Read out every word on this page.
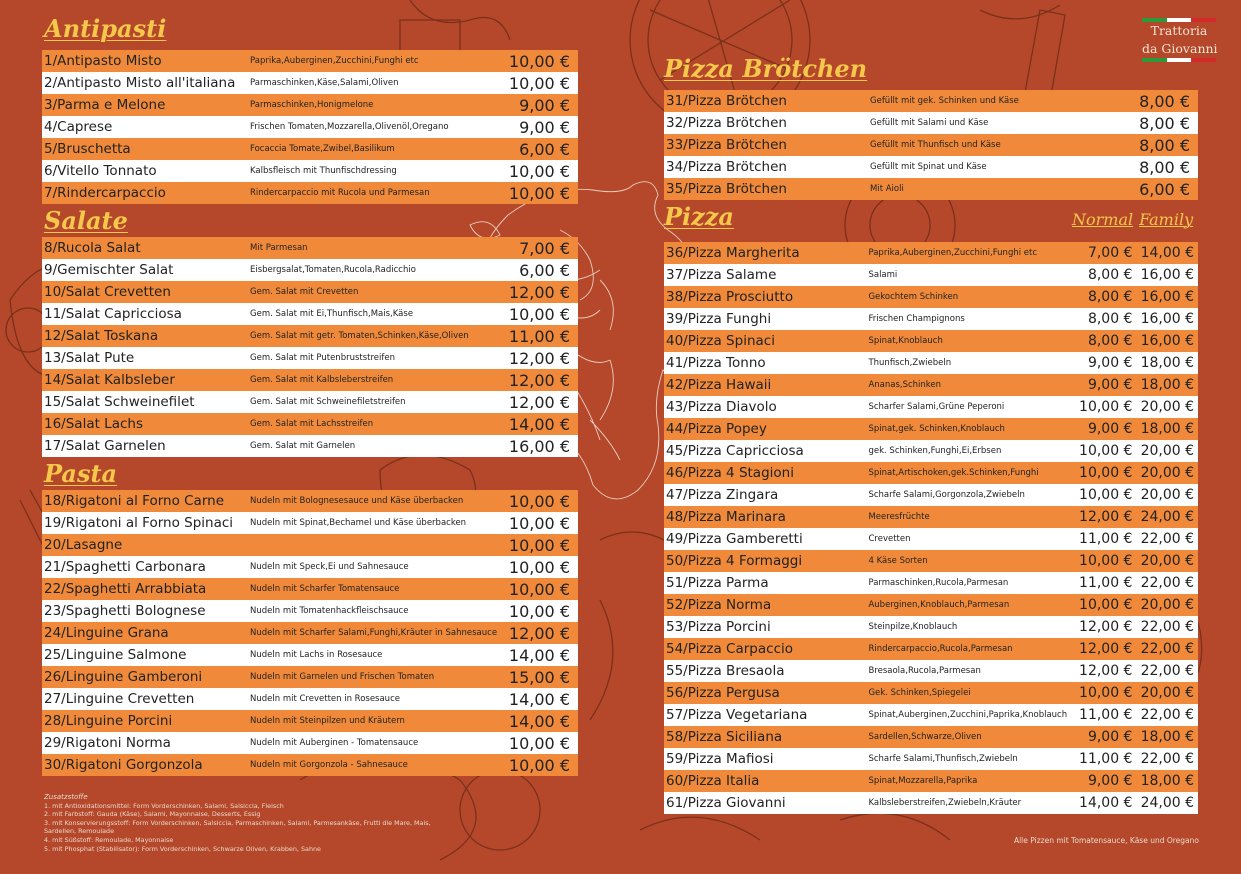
Antipasti
1/Antipasto Misto	Paprika,Auberginen,Zucchini,Funghi etc	10,00 €
2/Antipasto Misto all'italiana	Parmaschinken,Käse,Salami,Oliven	10,00 €
3/Parma e Melone	Parmaschinken,Honigmelone	9,00 €
4/Caprese	Frischen Tomaten,Mozzarella,Olivenöl,Oregano	9,00 €
5/Bruschetta	Focaccia Tomate,Zwibel,Basilikum	6,00 €
6/Vitello Tonnato	Kalbsfleisch mit Thunfischdressing	10,00 €
7/Rindercarpaccio	Rindercarpaccio mit Rucola und Parmesan	10,00 €
Salate
8/Rucola Salat	Mit Parmesan	7,00 €
9/Gemischter Salat	Eisbergsalat,Tomaten,Rucola,Radicchio	6,00 €
10/Salat Crevetten	Gem. Salat mit Crevetten	12,00 €
11/Salat Capricciosa	Gem. Salat mit Ei,Thunfisch,Mais,Käse	10,00 €
12/Salat Toskana	Gem. Salat mit getr. Tomaten,Schinken,Käse,Oliven	11,00 €
13/Salat Pute	Gem. Salat mit Putenbruststreifen	12,00 €
14/Salat Kalbsleber	Gem. Salat mit Kalbsleberstreifen	12,00 €
15/Salat Schweinefilet	Gem. Salat mit Schweinefiletstreifen	12,00 €
16/Salat Lachs	Gem. Salat mit Lachsstreifen	14,00 €
17/Salat Garnelen	Gem. Salat mit Garnelen	16,00 €
Pasta
18/Rigatoni al Forno Carne	Nudeln mit Bolognesesauce und Käse überbacken	10,00 €
19/Rigatoni al Forno Spinaci	Nudeln mit Spinat,Bechamel und Käse überbacken	10,00 €
20/Lasagne	10,00 €
21/Spaghetti Carbonara	Nudeln mit Speck,Ei und Sahnesauce	10,00 €
22/Spaghetti Arrabbiata	Nudeln mit Scharfer Tomatensauce	10,00 €
23/Spaghetti Bolognese	Nudeln mit Tomatenhackfleischsauce	10,00 €
24/Linguine Grana	Nudeln mit Scharfer Salami,Funghi,Kräuter in Sahnesauce 12,00 €
25/Linguine Salmone	Nudeln mit Lachs in Rosesauce	14,00 €
26/Linguine Gamberoni	Nudeln mit Garnelen und Frischen Tomaten	15,00 €
27/Linguine Crevetten	Nudeln mit Crevetten in Rosesauce	14,00 €
28/Linguine Porcini	Nudeln mit Steinpilzen und Kräutern	14,00 €
29/Rigatoni Norma	Nudeln mit Auberginen - Tomatensauce	10,00 €
30/Rigatoni Gorgonzola	Nudeln mit Gorgonzola - Sahnesauce	10,00 €
Zusatzstoffe
1. mit Antioxidationsmittel: Form Vorderschinken, Salami, Salsiccia, Fleisch
2. mit Farbstoff: Gauda (Käse), Salami, Mayonnaise, Desserts, Essig
3. mit Konservierungsstoff: Form Vorderschinken, Salsiccia, Parmaschinken, Salami, Parmesankäse, Frutti die Mare, Mais,
Sardellen, Remoulade
4. mit Süßstoff: Remoulade, Mayonnaise
5. mit Phosphat (Stabilisator): Form Vorderschinken, Schwarze Oliven, Krabben, Sahne
Trattoria
da Giovanni
Pizza Brötchen
31/Pizza Brötchen	Gefüllt mit gek. Schinken und Käse	8,00 €
32/Pizza Brötchen	Gefüllt mit Salami und Käse	8,00 €
33/Pizza Brötchen	Gefüllt mit Thunfisch und Käse	8,00 €
34/Pizza Brötchen	Gefüllt mit Spinat und Käse	8,00 €
35/Pizza Brötchen	Mit Aioli	6,00 €
Pizza	Normal Family
36/Pizza Margherita	Paprika,Auberginen,Zucchini,Funghi etc	7,00 € 14,00 €
37/Pizza Salame	Salami	8,00 € 16,00 €
38/Pizza Prosciutto	Gekochtem Schinken	8,00 € 16,00 €
39/Pizza Funghi	Frischen Champignons	8,00 € 16,00 €
40/Pizza Spinaci	Spinat,Knoblauch	8,00 € 16,00 €
41/Pizza Tonno	Thunfisch,Zwiebeln	9,00 € 18,00 €
42/Pizza Hawaii	Ananas,Schinken	9,00 € 18,00 €
43/Pizza Diavolo	Scharfer Salami,Grüne Peperoni	10,00 € 20,00 €
44/Pizza Popey	Spinat,gek. Schinken,Knoblauch	9,00 € 18,00 €
45/Pizza Capricciosa	gek. Schinken,Funghi,Ei,Erbsen	10,00 € 20,00 €
46/Pizza 4 Stagioni	Spinat,Artischoken,gek.Schinken,Funghi	10,00 € 20,00 €
47/Pizza Zingara	Scharfe Salami,Gorgonzola,Zwiebeln	10,00 € 20,00 €
48/Pizza Marinara	Meeresfrüchte	12,00 € 24,00 €
49/Pizza Gamberetti	Crevetten	11,00 € 22,00 €
50/Pizza 4 Formaggi	4 Käse Sorten	10,00 € 20,00 €
51/Pizza Parma	Parmaschinken,Rucola,Parmesan	11,00 € 22,00 €
52/Pizza Norma	Auberginen,Knoblauch,Parmesan	10,00 € 20,00 €
53/Pizza Porcini	Steinpilze,Knoblauch	12,00 € 22,00 €
54/Pizza Carpaccio	Rindercarpaccio,Rucola,Parmesan	12,00 € 22,00 €
55/Pizza Bresaola	Bresaola,Rucola,Parmesan	12,00 € 22,00 €
56/Pizza Pergusa	Gek. Schinken,Spiegelei	10,00 € 20,00 €
57/Pizza Vegetariana	Spinat,Auberginen,Zucchini,Paprika,Knoblauch 11,00 € 22,00 €
58/Pizza Siciliana	Sardellen,Schwarze,Oliven	9,00 € 18,00 €
59/Pizza Mafiosi	Scharfe Salami,Thunfisch,Zwiebeln	11,00 € 22,00 €
60/Pizza Italia	Spinat,Mozzarella,Paprika	9,00 € 18,00 €
61/Pizza Giovanni	Kalbsleberstreifen,Zwiebeln,Kräuter	14,00 € 24,00 €
Alle Pizzen mit Tomatensauce, Käse und Oregano
